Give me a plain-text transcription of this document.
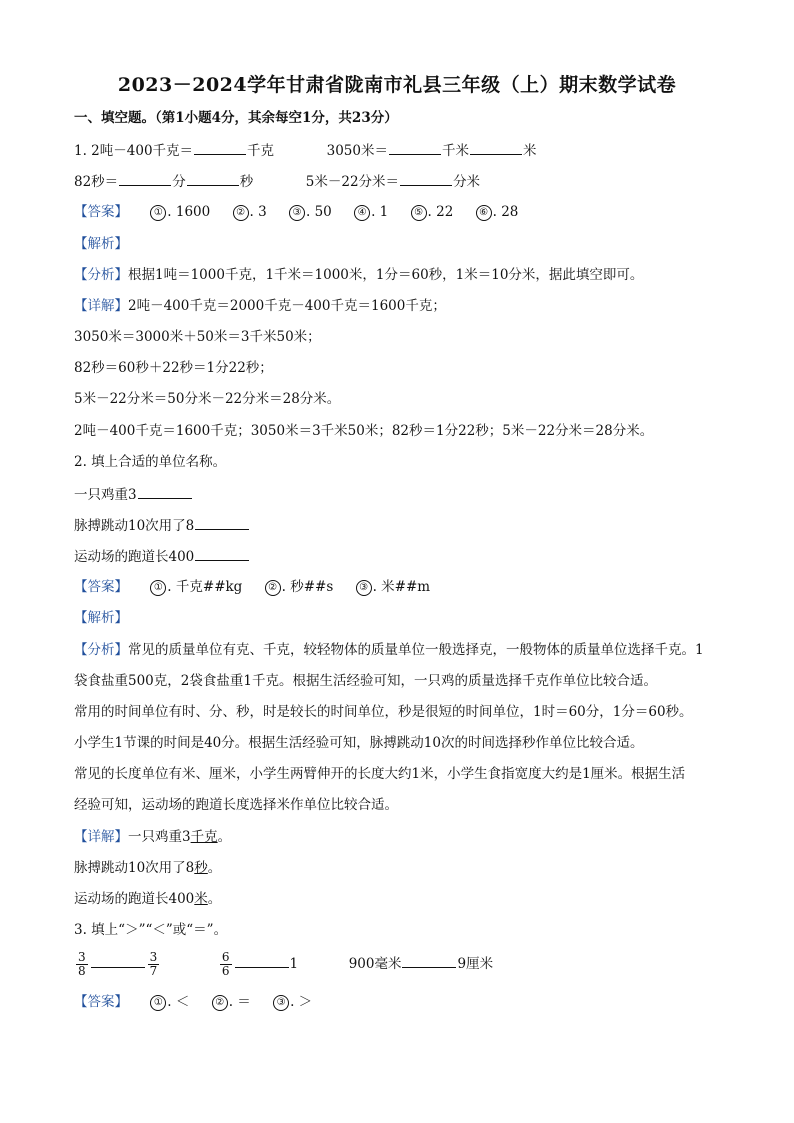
2023－2024学年甘肃省陇南市礼县三年级（上）期末数学试卷
一、填空题。（第1小题4分，其余每空1分，共23分）
1. 2吨－400千克＝	千克	3050米＝	千米	米
82秒＝	分	秒	5米－22分米＝	分米
【答案】	① . 1600	② . 3	③ . 50	④ . 1	⑤ . 22	⑥ . 28
【解析】
【分析】根据1吨＝1000千克，1千米＝1000米，1分＝60秒，1米＝10分米，据此填空即可。
【详解】2吨－400千克＝2000千克－400千克＝1600千克；
3050米＝3000米＋50米＝3千米50米；
82秒＝60秒＋22秒＝1分22秒；
5米－22分米＝50分米－22分米＝28分米。
2吨－400千克＝1600千克；3050米＝3千米50米；82秒＝1分22秒；5米－22分米＝28分米。
2. 填上合适的单位名称。
一只鸡重3
脉搏跳动10次用了8
运动场的跑道长400
【答案】	① . 千克##kg	② . 秒##s	③ . 米##m
【解析】
【分析】常见的质量单位有克、千克，较轻物体的质量单位一般选择克，一般物体的质量单位选择千克。1
袋食盐重500克，2袋食盐重1千克。根据生活经验可知，一只鸡的质量选择千克作单位比较合适。
常用的时间单位有时、分、秒，时是较长的时间单位，秒是很短的时间单位，1时＝60分，1分＝60秒。
小学生1节课的时间是40分。根据生活经验可知，脉搏跳动10次的时间选择秒作单位比较合适。
常见的长度单位有米、厘米，小学生两臂伸开的长度大约1米，小学生食指宽度大约是1厘米。根据生活
经验可知，运动场的跑道长度选择米作单位比较合适。
【详解】一只鸡重3千克。
脉搏跳动10次用了8秒。
运动场的跑道长400米。
3. 填上“＞”“＜”或“＝”。
$\frac{3}{8}$	$\frac{3}{7}$
	$\frac{6}{6}$	1	900毫米	9厘米
【答案】	① . ＜	② . ＝	③ . ＞
